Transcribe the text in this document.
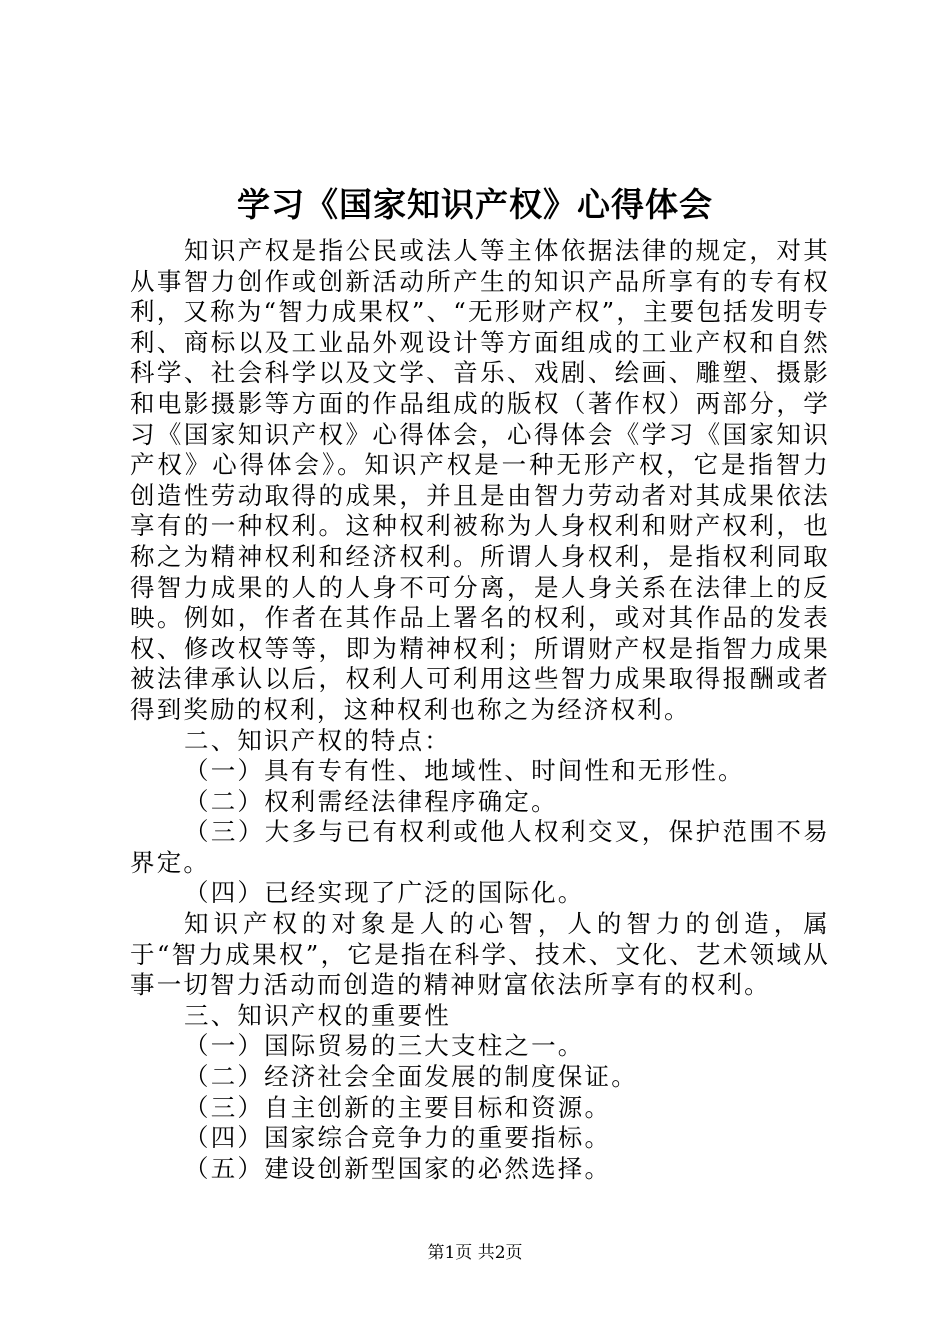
学习《国家知识产权》心得体会

知识产权是指公民或法人等主体依据法律的规定，对其从事智力创作或创新活动所产生的知识产品所享有的专有权利，又称为“智力成果权”、“无形财产权”，主要包括发明专利、商标以及工业品外观设计等方面组成的工业产权和自然科学、社会科学以及文学、音乐、戏剧、绘画、雕塑、摄影和电影摄影等方面的作品组成的版权（著作权）两部分，学习《国家知识产权》心得体会，心得体会《学习《国家知识产权》心得体会》。知识产权是一种无形产权，它是指智力创造性劳动取得的成果，并且是由智力劳动者对其成果依法享有的一种权利。这种权利被称为人身权利和财产权利，也称之为精神权利和经济权利。所谓人身权利，是指权利同取得智力成果的人的人身不可分离，是人身关系在法律上的反映。例如，作者在其作品上署名的权利，或对其作品的发表权、修改权等等，即为精神权利；所谓财产权是指智力成果被法律承认以后，权利人可利用这些智力成果取得报酬或者得到奖励的权利，这种权利也称之为经济权利。

二、知识产权的特点：

（一）具有专有性、地域性、时间性和无形性。

（二）权利需经法律程序确定。

（三）大多与已有权利或他人权利交叉，保护范围不易界定。

（四）已经实现了广泛的国际化。

知识产权的对象是人的心智，人的智力的创造，属于“智力成果权”，它是指在科学、技术、文化、艺术领域从事一切智力活动而创造的精神财富依法所享有的权利。

三、知识产权的重要性

（一）国际贸易的三大支柱之一。

（二）经济社会全面发展的制度保证。

（三）自主创新的主要目标和资源。

（四）国家综合竞争力的重要指标。

（五）建设创新型国家的必然选择。

第1页 共2页
